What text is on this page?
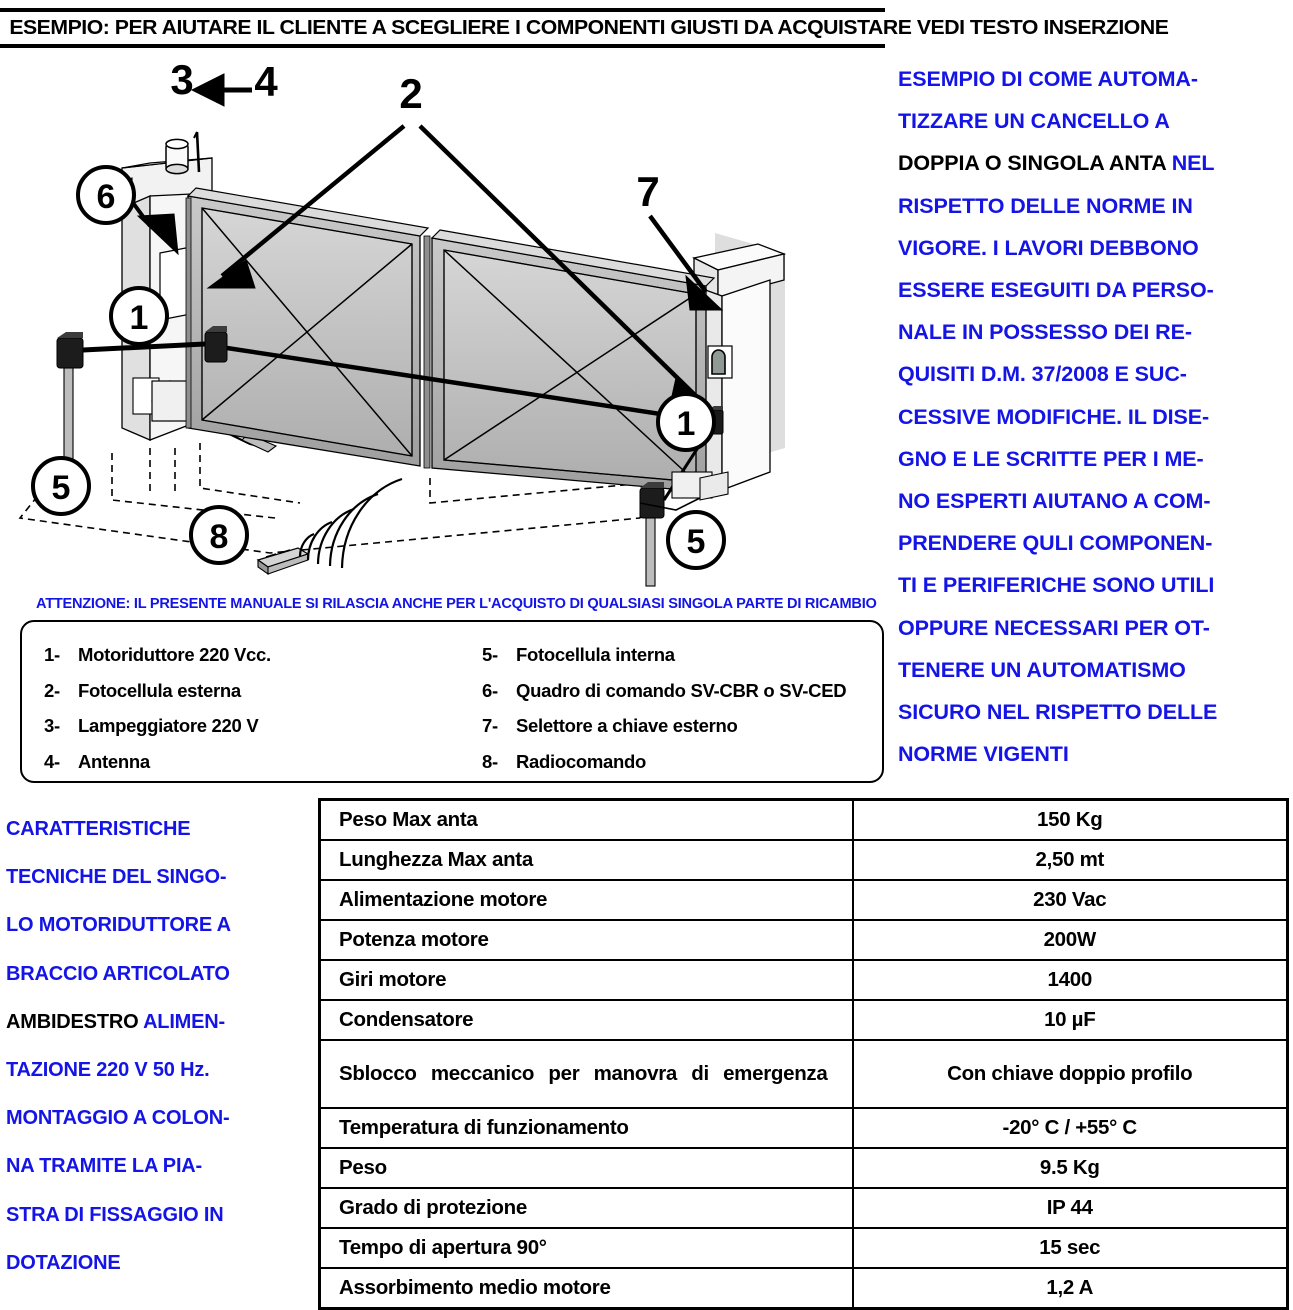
ESEMPIO: PER AIUTARE IL CLIENTE A SCEGLIERE I COMPONENTI GIUSTI DA ACQUISTARE VEDI TESTO INSERZIONE
ESEMPIO DI COME AUTOMA-
TIZZARE UN CANCELLO A
DOPPIA O SINGOLA ANTA NEL
RISPETTO DELLE NORME IN
VIGORE. I LAVORI DEBBONO
ESSERE ESEGUITI DA PERSO-
NALE IN POSSESSO DEI RE-
QUISITI D.M. 37/2008 E SUC-
CESSIVE MODIFICHE. IL DISE-
GNO E LE SCRITTE PER I ME-
NO ESPERTI AIUTANO A COM-
PRENDERE QULI COMPONEN-
TI E PERIFERICHE SONO UTILI
OPPURE NECESSARI PER OT-
TENERE UN AUTOMATISMO
SICURO NEL RISPETTO DELLE
NORME VIGENTI
6
1
5
8
1
5
3 4	2
7
ATTENZIONE: IL PRESENTE MANUALE SI RILASCIA ANCHE PER L'ACQUISTO DI QUALSIASI SINGOLA PARTE DI RICAMBIO
1- Motoriduttore 220 Vcc.
2- Fotocellula esterna
3- Lampeggiatore 220 V
4- Antenna
5- Fotocellula interna
6- Quadro di comando SV-CBR o SV-CED
7- Selettore a chiave esterno
8- Radiocomando
CARATTERISTICHE
TECNICHE DEL SINGO-
LO MOTORIDUTTORE A
BRACCIO ARTICOLATO
AMBIDESTRO ALIMEN-
TAZIONE 220 V 50 Hz.
MONTAGGIO A COLON-
NA TRAMITE LA PIA-
STRA DI FISSAGGIO IN
DOTAZIONE
Peso Max anta	150 Kg
Lunghezza Max anta	2,50 mt
Alimentazione motore	230 Vac
Potenza motore	200W
Giri motore	1400
Condensatore	10 µF
Sblocco meccanico per manovra di emergenza	Con chiave doppio profilo
Temperatura di funzionamento	-20° C / +55° C
Peso	9.5 Kg
Grado di protezione	IP 44
Tempo di apertura 90°	15 sec
Assorbimento medio motore	1,2 A
